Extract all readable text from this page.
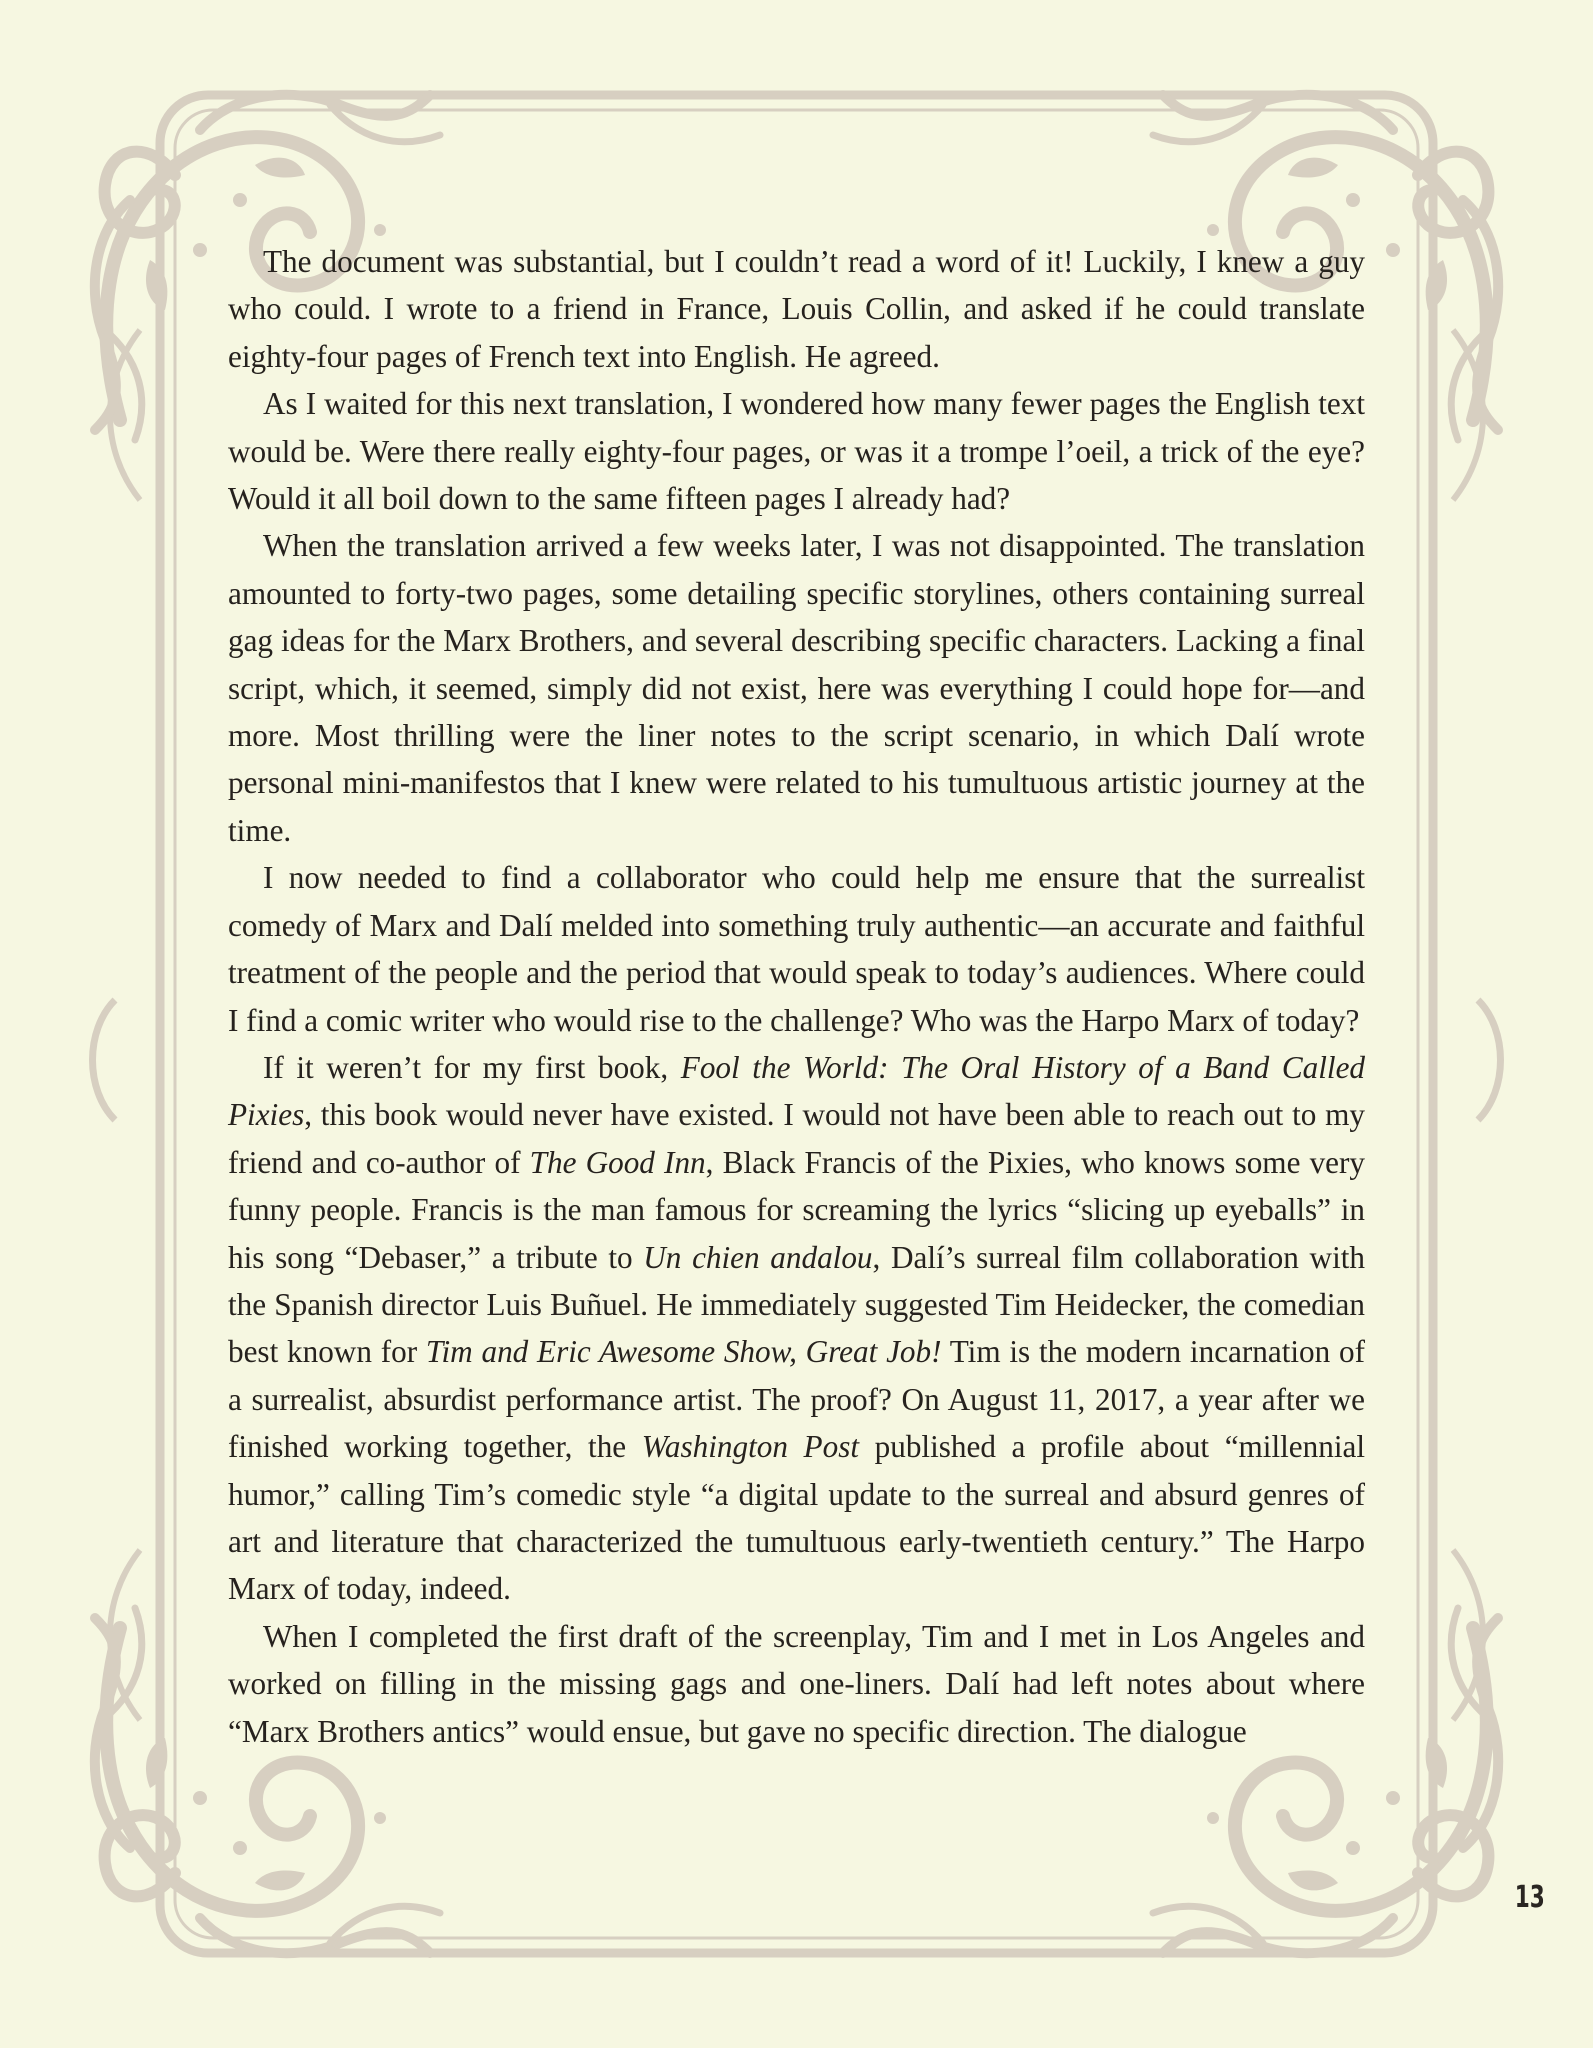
The document was substantial, but I couldn’t read a word of it! Luckily, I knew a guy who could. I wrote to a friend in France, Louis Collin, and asked if he could translate eighty-four pages of French text into English. He agreed.

As I waited for this next translation, I wondered how many fewer pages the English text would be. Were there really eighty-four pages, or was it a trompe l’oeil, a trick of the eye? Would it all boil down to the same fifteen pages I already had?

When the translation arrived a few weeks later, I was not disappointed. The translation amounted to forty-two pages, some detailing specific storylines, others containing surreal gag ideas for the Marx Brothers, and several describing specific characters. Lacking a final script, which, it seemed, simply did not exist, here was everything I could hope for—and more. Most thrilling were the liner notes to the script scenario, in which Dalí wrote personal mini-manifestos that I knew were related to his tumultuous artistic journey at the time.

I now needed to find a collaborator who could help me ensure that the surrealist comedy of Marx and Dalí melded into something truly authentic—an accurate and faithful treatment of the people and the period that would speak to today’s audiences. Where could I find a comic writer who would rise to the challenge? Who was the Harpo Marx of today?

If it weren’t for my first book, Fool the World: The Oral History of a Band Called Pixies, this book would never have existed. I would not have been able to reach out to my friend and co-author of The Good Inn, Black Francis of the Pixies, who knows some very funny people. Francis is the man famous for screaming the lyrics “slicing up eyeballs” in his song “Debaser,” a tribute to Un chien andalou, Dalí’s surreal film collaboration with the Spanish director Luis Buñuel. He immediately suggested Tim Heidecker, the comedian best known for Tim and Eric Awesome Show, Great Job! Tim is the modern incarnation of a surrealist, absurdist performance artist. The proof? On August 11, 2017, a year after we finished working together, the Washington Post published a profile about “millennial humor,” calling Tim’s comedic style “a digital update to the surreal and absurd genres of art and literature that characterized the tumultuous early-twentieth century.” The Harpo Marx of today, indeed.

When I completed the first draft of the screenplay, Tim and I met in Los Angeles and worked on filling in the missing gags and one-liners. Dalí had left notes about where “Marx Brothers antics” would ensue, but gave no specific direction. The dialogue

13
